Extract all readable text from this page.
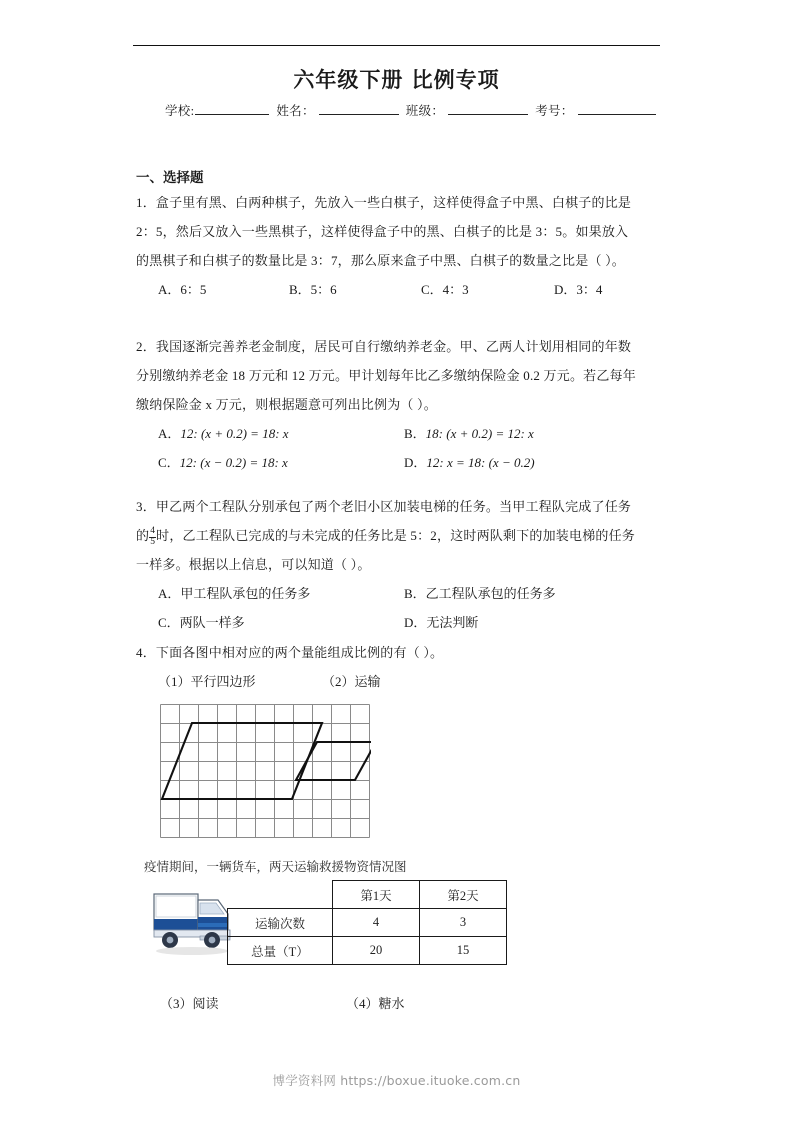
六年级下册 比例专项
学校:	姓名：	班级：	考号：
一、选择题
1．盒子里有黑、白两种棋子，先放入一些白棋子，这样使得盒子中黑、白棋子的比是
2：5，然后又放入一些黑棋子，这样使得盒子中的黑、白棋子的比是 3：5。如果放入
的黑棋子和白棋子的数量比是 3：7，那么原来盒子中黑、白棋子的数量之比是（ ）。
A．6：5	B．5：6	C．4：3	D．3：4
2．我国逐渐完善养老金制度，居民可自行缴纳养老金。甲、乙两人计划用相同的年数
分别缴纳养老金 18 万元和 12 万元。甲计划每年比乙多缴纳保险金 0.2 万元。若乙每年
缴纳保险金 x 万元，则根据题意可列出比例为（ ）。
A．12: (x + 0.2) = 18: x	B．18: (x + 0.2) = 12: x
C．12: (x − 0.2) = 18: x	D．12: x = 18: (x − 0.2)
3．甲乙两个工程队分别承包了两个老旧小区加装电梯的任务。当甲工程队完成了任务
的 $\frac{4}{5}$ 时，乙工程队已完成的与未完成的任务比是 5：2，这时两队剩下的加装电梯的任务
一样多。根据以上信息，可以知道（ ）。
A．甲工程队承包的任务多	B．乙工程队承包的任务多
C．两队一样多	D．无法判断
4．下面各图中相对应的两个量能组成比例的有（ ）。
（1）平行四边形	（2）运输
疫情期间，一辆货车，两天运输救援物资情况图
	第1天	第2天
运输次数	4	3
总量（T）	20	15
（3）阅读	（4）糖水
博学资料网 https://boxue.ituoke.com.cn
